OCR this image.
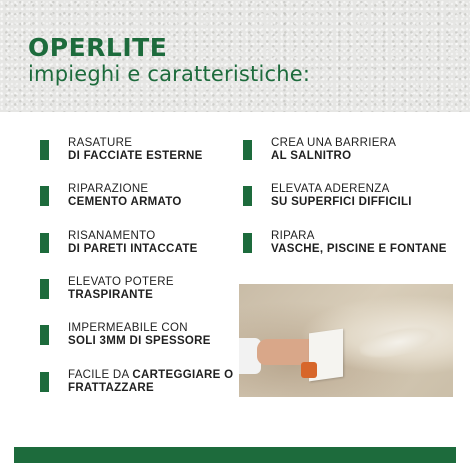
OPERLITE
impieghi e caratteristiche:
RASATURE
DI FACCIATE ESTERNE
RIPARAZIONE
CEMENTO ARMATO
RISANAMENTO
DI PARETI INTACCATE
ELEVATO POTERE
TRASPIRANTE
IMPERMEABILE CON
SOLI 3MM DI SPESSORE
FACILE DA CARTEGGIARE O
FRATTAZZARE
CREA UNA BARRIERA
AL SALNITRO
ELEVATA ADERENZA
SU SUPERFICI DIFFICILI
RIPARA
VASCHE, PISCINE E FONTANE
